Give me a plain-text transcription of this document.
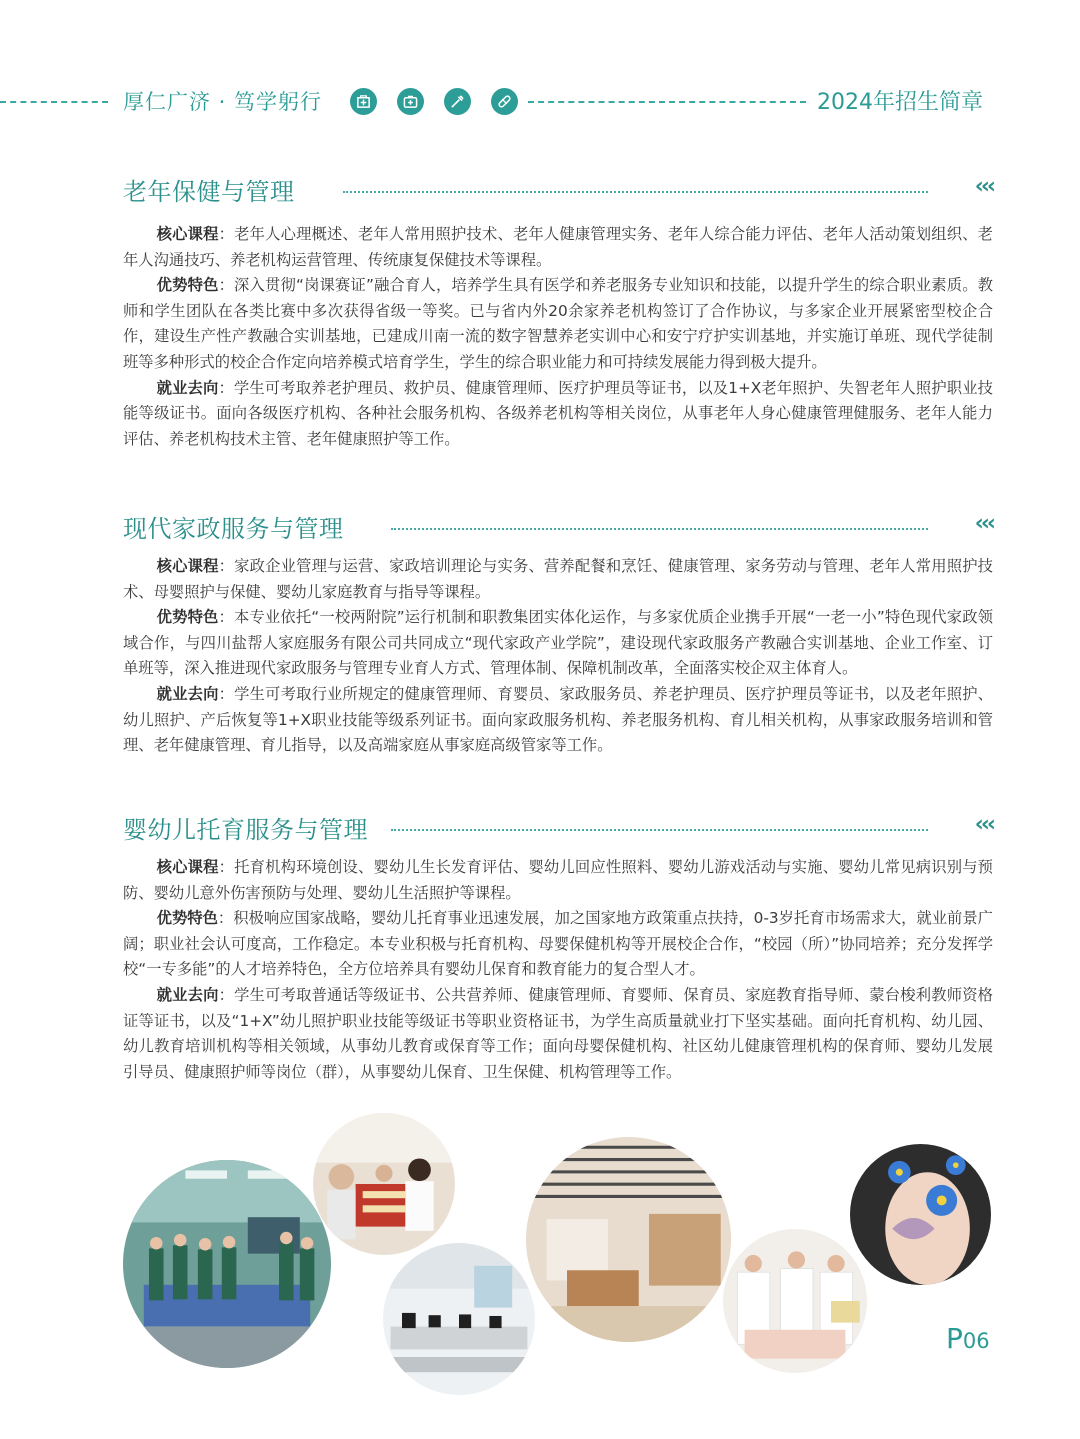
厚仁广济 · 笃学躬行	2024年招生简章
老年保健与管理	‹‹‹

核心课程：老年人心理概述、老年人常用照护技术、老年人健康管理实务、老年人综合能力评估、老年人活动策划组织、老年人沟通技巧、养老机构运营管理、传统康复保健技术等课程。

优势特色：深入贯彻“岗课赛证”融合育人，培养学生具有医学和养老服务专业知识和技能，以提升学生的综合职业素质。教师和学生团队在各类比赛中多次获得省级一等奖。已与省内外20余家养老机构签订了合作协议，与多家企业开展紧密型校企合作，建设生产性产教融合实训基地，已建成川南一流的数字智慧养老实训中心和安宁疗护实训基地，并实施订单班、现代学徒制班等多种形式的校企合作定向培养模式培育学生，学生的综合职业能力和可持续发展能力得到极大提升。

就业去向：学生可考取养老护理员、救护员、健康管理师、医疗护理员等证书，以及1+X老年照护、失智老年人照护职业技能等级证书。面向各级医疗机构、各种社会服务机构、各级养老机构等相关岗位，从事老年人身心健康管理健服务、老年人能力评估、养老机构技术主管、老年健康照护等工作。

现代家政服务与管理	‹‹‹

核心课程：家政企业管理与运营、家政培训理论与实务、营养配餐和烹饪、健康管理、家务劳动与管理、老年人常用照护技术、母婴照护与保健、婴幼儿家庭教育与指导等课程。

优势特色：本专业依托“一校两附院”运行机制和职教集团实体化运作，与多家优质企业携手开展“一老一小”特色现代家政领域合作，与四川盐帮人家庭服务有限公司共同成立“现代家政产业学院”，建设现代家政服务产教融合实训基地、企业工作室、订单班等，深入推进现代家政服务与管理专业育人方式、管理体制、保障机制改革，全面落实校企双主体育人。

就业去向：学生可考取行业所规定的健康管理师、育婴员、家政服务员、养老护理员、医疗护理员等证书，以及老年照护、幼儿照护、产后恢复等1+X职业技能等级系列证书。面向家政服务机构、养老服务机构、育儿相关机构，从事家政服务培训和管理、老年健康管理、育儿指导，以及高端家庭从事家庭高级管家等工作。

婴幼儿托育服务与管理	‹‹‹

核心课程：托育机构环境创设、婴幼儿生长发育评估、婴幼儿回应性照料、婴幼儿游戏活动与实施、婴幼儿常见病识别与预防、婴幼儿意外伤害预防与处理、婴幼儿生活照护等课程。

优势特色：积极响应国家战略，婴幼儿托育事业迅速发展，加之国家地方政策重点扶持，0-3岁托育市场需求大，就业前景广阔；职业社会认可度高，工作稳定。本专业积极与托育机构、母婴保健机构等开展校企合作，“校园（所）”协同培养；充分发挥学校“一专多能”的人才培养特色，全方位培养具有婴幼儿保育和教育能力的复合型人才。

就业去向：学生可考取普通话等级证书、公共营养师、健康管理师、育婴师、保育员、家庭教育指导师、蒙台梭利教师资格证等证书，以及“1+X”幼儿照护职业技能等级证书等职业资格证书，为学生高质量就业打下坚实基础。面向托育机构、幼儿园、幼儿教育培训机构等相关领域，从事幼儿教育或保育等工作；面向母婴保健机构、社区幼儿健康管理机构的保育师、婴幼儿发展引导员、健康照护师等岗位（群），从事婴幼儿保育、卫生保健、机构管理等工作。

P06
